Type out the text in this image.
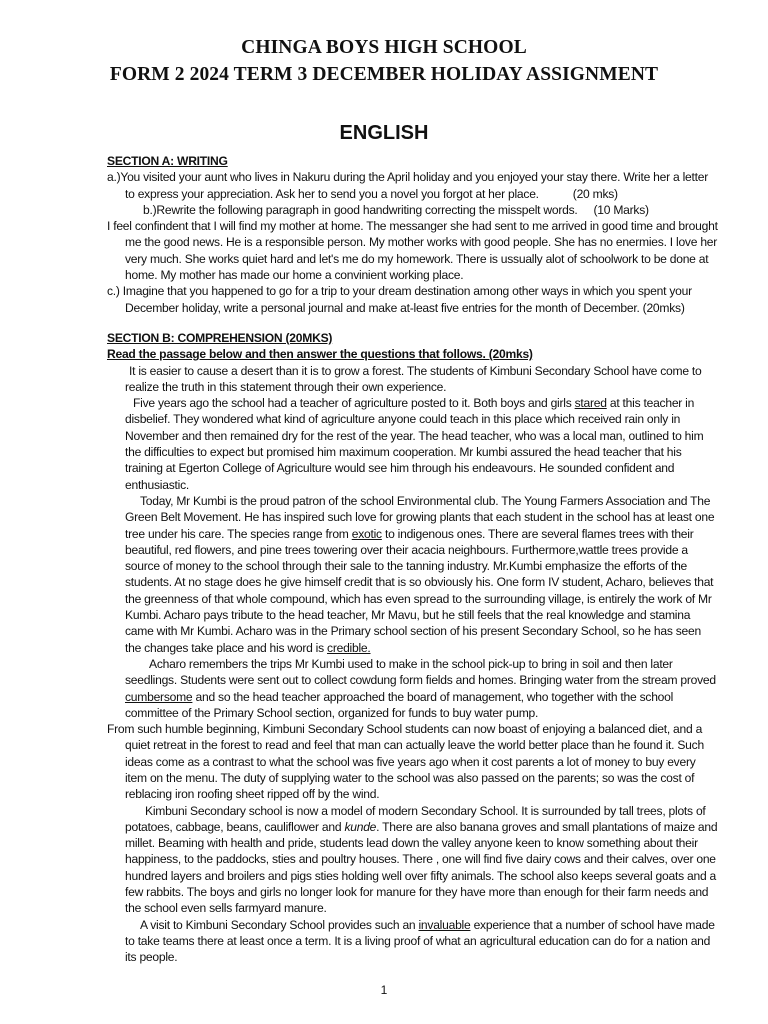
CHINGA BOYS HIGH SCHOOL
FORM 2 2024 TERM 3 DECEMBER HOLIDAY ASSIGNMENT
ENGLISH

SECTION A: WRITING

a.)You visited your aunt who lives in Nakuru during the April holiday and you enjoyed your stay there. Write her a letter to express your appreciation. Ask her to send you a novel you forgot at her place.	(20 mks)

b.)Rewrite the following paragraph in good handwriting correcting the misspelt words. (10 Marks)

I feel confindent that I will find my mother at home. The messanger she had sent to me arrived in good time and brought me the good news. He is a responsible person. My mother works with good people. She has no enermies. I love her very much. She works quiet hard and let's me do my homework. There is ussually alot of schoolwork to be done at home. My mother has made our home a convinient working place.

c.) Imagine that you happened to go for a trip to your dream destination among other ways in which you spent your December holiday, write a personal journal and make at-least five entries for the month of December. (20mks)

SECTION B: COMPREHENSION (20MKS)

Read the passage below and then answer the questions that follows. (20mks)

It is easier to cause a desert than it is to grow a forest. The students of Kimbuni Secondary School have come to realize the truth in this statement through their own experience.

Five years ago the school had a teacher of agriculture posted to it. Both boys and girls stared at this teacher in disbelief. They wondered what kind of agriculture anyone could teach in this place which received rain only in November and then remained dry for the rest of the year. The head teacher, who was a local man, outlined to him the difficulties to expect but promised him maximum cooperation. Mr kumbi assured the head teacher that his training at Egerton College of Agriculture would see him through his endeavours. He sounded confident and enthusiastic.

Today, Mr Kumbi is the proud patron of the school Environmental club. The Young Farmers Association and The Green Belt Movement. He has inspired such love for growing plants that each student in the school has at least one tree under his care. The species range from exotic to indigenous ones. There are several flames trees with their beautiful, red flowers, and pine trees towering over their acacia neighbours. Furthermore,wattle trees provide a source of money to the school through their sale to the tanning industry. Mr.Kumbi emphasize the efforts of the students. At no stage does he give himself credit that is so obviously his. One form IV student, Acharo, believes that the greenness of that whole compound, which has even spread to the surrounding village, is entirely the work of Mr Kumbi. Acharo pays tribute to the head teacher, Mr Mavu, but he still feels that the real knowledge and stamina came with Mr Kumbi. Acharo was in the Primary school section of his present Secondary School, so he has seen the changes take place and his word is credible.

Acharo remembers the trips Mr Kumbi used to make in the school pick-up to bring in soil and then later seedlings. Students were sent out to collect cowdung form fields and homes. Bringing water from the stream proved cumbersome and so the head teacher approached the board of management, who together with the school committee of the Primary School section, organized for funds to buy water pump.

From such humble beginning, Kimbuni Secondary School students can now boast of enjoying a balanced diet, and a quiet retreat in the forest to read and feel that man can actually leave the world better place than he found it. Such ideas come as a contrast to what the school was five years ago when it cost parents a lot of money to buy every item on the menu. The duty of supplying water to the school was also passed on the parents; so was the cost of reblacing iron roofing sheet ripped off by the wind.

Kimbuni Secondary school is now a model of modern Secondary School. It is surrounded by tall trees, plots of potatoes, cabbage, beans, cauliflower and kunde. There are also banana groves and small plantations of maize and millet. Beaming with health and pride, students lead down the valley anyone keen to know something about their happiness, to the paddocks, sties and poultry houses. There , one will find five dairy cows and their calves, over one hundred layers and broilers and pigs sties holding well over fifty animals. The school also keeps several goats and a few rabbits. The boys and girls no longer look for manure for they have more than enough for their farm needs and the school even sells farmyard manure.

A visit to Kimbuni Secondary School provides such an invaluable experience that a number of school have made to take teams there at least once a term. It is a living proof of what an agricultural education can do for a nation and its people.

1
